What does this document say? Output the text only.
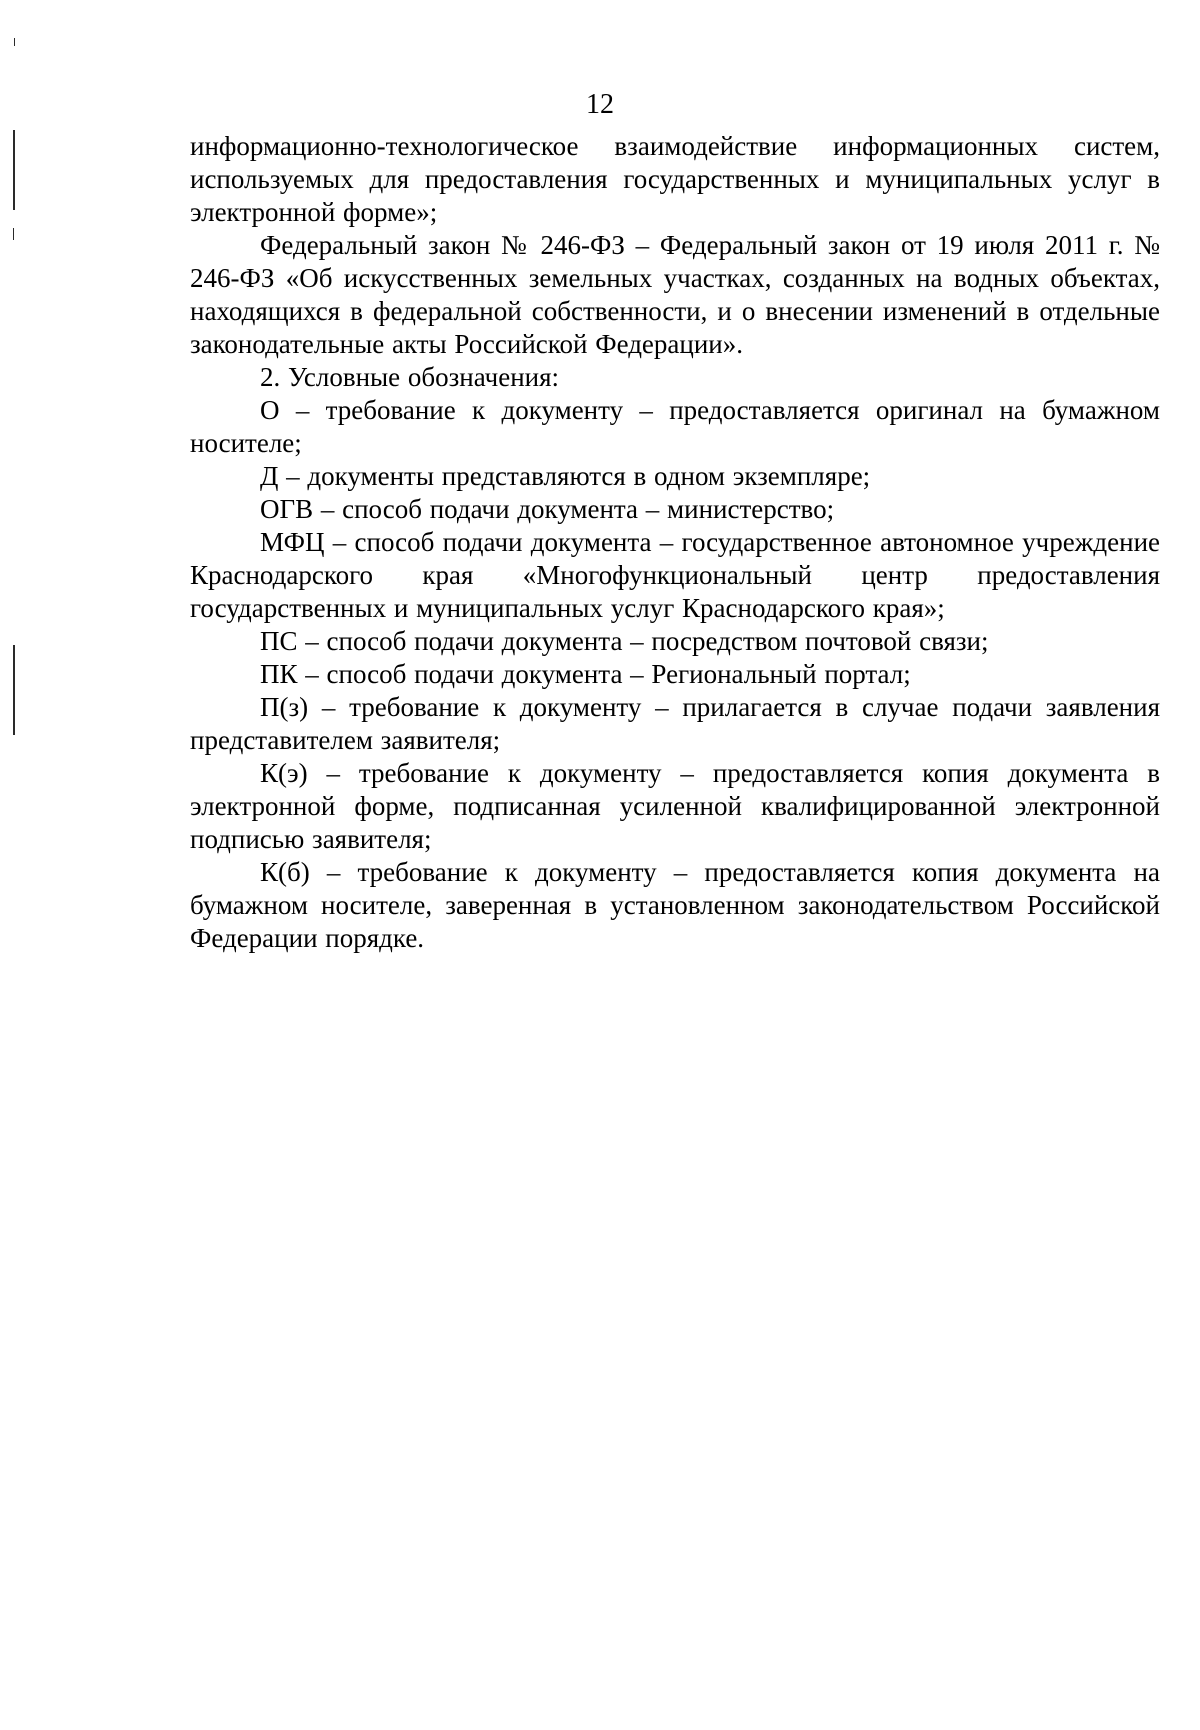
12

информационно-технологическое взаимодействие информационных систем, используемых для предоставления государственных и муниципальных услуг в электронной форме»;

Федеральный закон № 246-ФЗ – Федеральный закон от 19 июля 2011 г. № 246-ФЗ «Об искусственных земельных участках, созданных на водных объектах, находящихся в федеральной собственности, и о внесении изменений в отдельные законодательные акты Российской Федерации».

2. Условные обозначения:

О – требование к документу – предоставляется оригинал на бумажном носителе;

Д – документы представляются в одном экземпляре;

ОГВ – способ подачи документа – министерство;

МФЦ – способ подачи документа – государственное автономное учреждение Краснодарского края «Многофункциональный центр предоставления государственных и муниципальных услуг Краснодарского края»;

ПС – способ подачи документа – посредством почтовой связи;

ПК – способ подачи документа – Региональный портал;

П(з) – требование к документу – прилагается в случае подачи заявления представителем заявителя;

К(э) – требование к документу – предоставляется копия документа в электронной форме, подписанная усиленной квалифицированной электронной подписью заявителя;

К(б) – требование к документу – предоставляется копия документа на бумажном носителе, заверенная в установленном законодательством Российской Федерации порядке.
